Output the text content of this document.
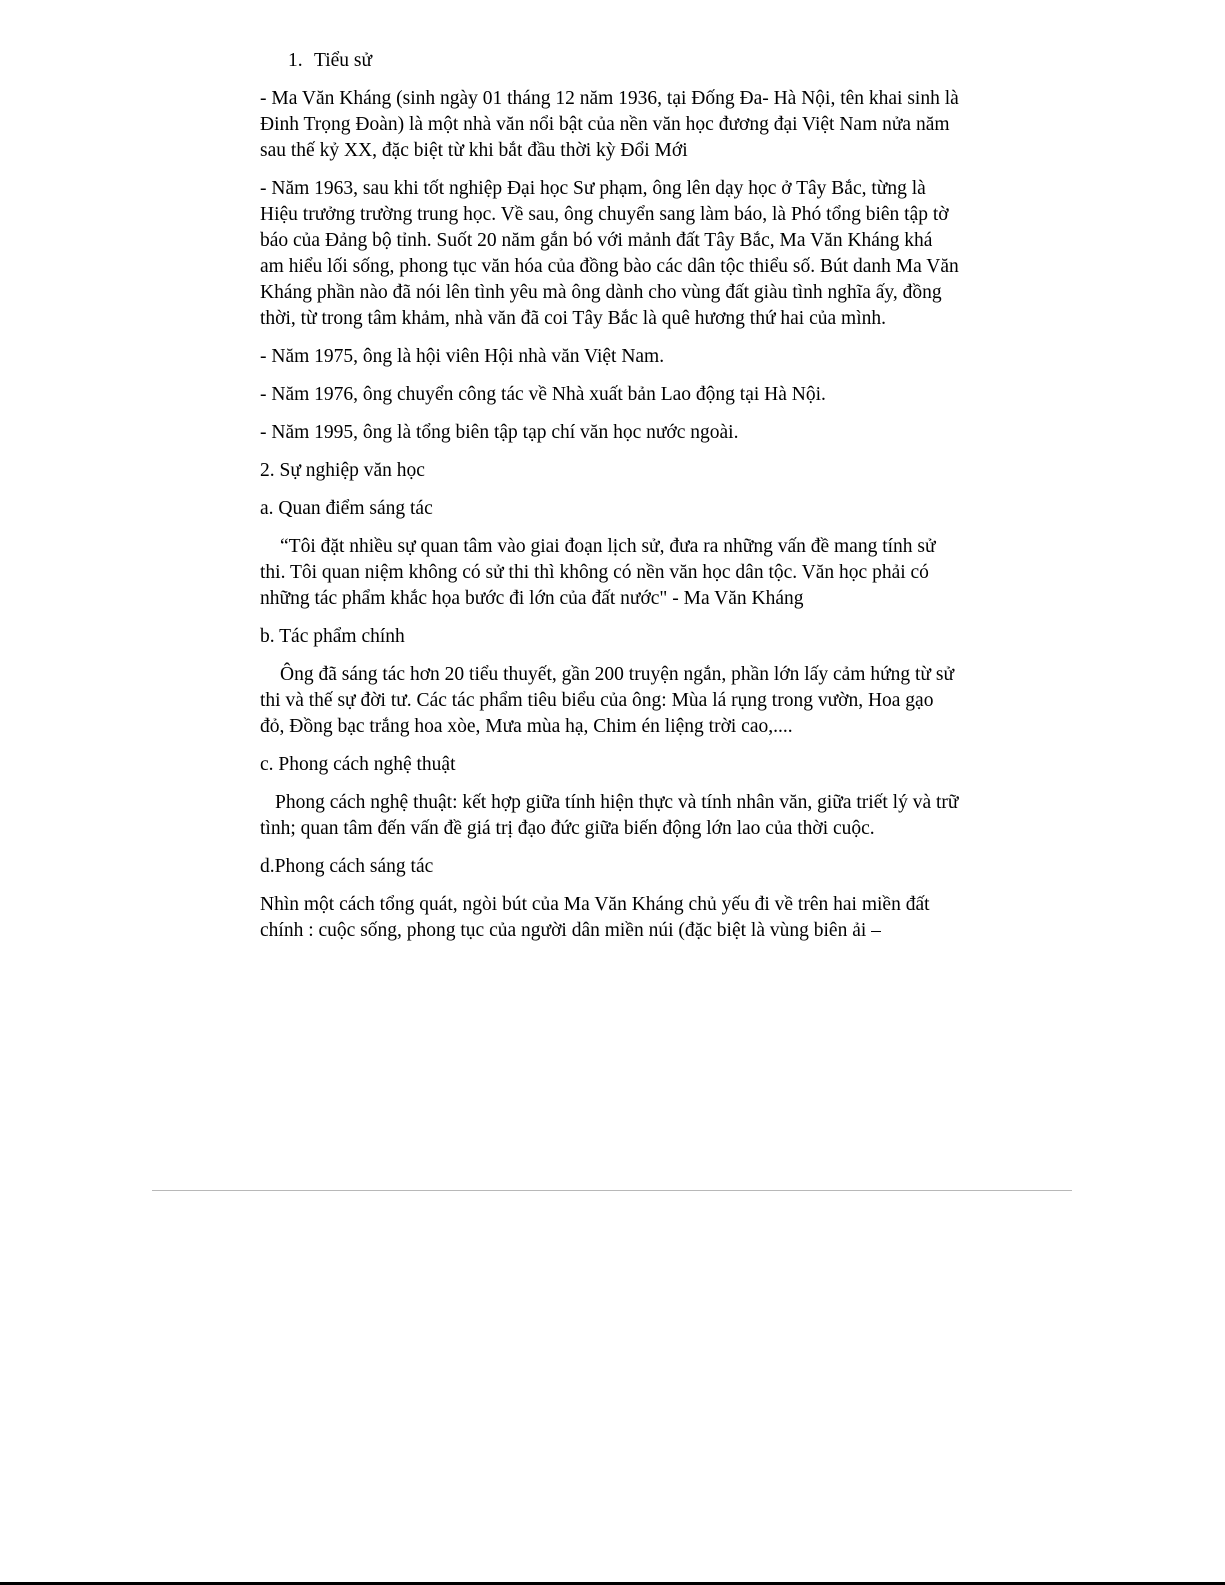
1. Tiểu sử

- Ma Văn Kháng (sinh ngày 01 tháng 12 năm 1936, tại Đống Đa- Hà Nội, tên khai sinh là Đinh Trọng Đoàn) là một nhà văn nổi bật của nền văn học đương đại Việt Nam nửa năm sau thế kỷ XX, đặc biệt từ khi bắt đầu thời kỳ Đổi Mới

- Năm 1963, sau khi tốt nghiệp Đại học Sư phạm, ông lên dạy học ở Tây Bắc, từng là Hiệu trưởng trường trung học. Về sau, ông chuyển sang làm báo, là Phó tổng biên tập tờ báo của Đảng bộ tỉnh. Suốt 20 năm gắn bó với mảnh đất Tây Bắc, Ma Văn Kháng khá am hiểu lối sống, phong tục văn hóa của đồng bào các dân tộc thiểu số. Bút danh Ma Văn Kháng phần nào đã nói lên tình yêu mà ông dành cho vùng đất giàu tình nghĩa ấy, đồng thời, từ trong tâm khảm, nhà văn đã coi Tây Bắc là quê hương thứ hai của mình.

- Năm 1975, ông là hội viên Hội nhà văn Việt Nam.

- Năm 1976, ông chuyển công tác về Nhà xuất bản Lao động tại Hà Nội.

- Năm 1995, ông là tổng biên tập tạp chí văn học nước ngoài.

2. Sự nghiệp văn học

a. Quan điểm sáng tác

“Tôi đặt nhiều sự quan tâm vào giai đoạn lịch sử, đưa ra những vấn đề mang tính sử thi. Tôi quan niệm không có sử thi thì không có nền văn học dân tộc. Văn học phải có những tác phẩm khắc họa bước đi lớn của đất nước" - Ma Văn Kháng

b. Tác phẩm chính

Ông đã sáng tác hơn 20 tiểu thuyết, gần 200 truyện ngắn, phần lớn lấy cảm hứng từ sử thi và thế sự đời tư. Các tác phẩm tiêu biểu của ông: Mùa lá rụng trong vườn, Hoa gạo đỏ, Đồng bạc trắng hoa xòe, Mưa mùa hạ, Chim én liệng trời cao,....

c. Phong cách nghệ thuật

Phong cách nghệ thuật: kết hợp giữa tính hiện thực và tính nhân văn, giữa triết lý và trữ tình; quan tâm đến vấn đề giá trị đạo đức giữa biến động lớn lao của thời cuộc.

d.Phong cách sáng tác

Nhìn một cách tổng quát, ngòi bút của Ma Văn Kháng chủ yếu đi về trên hai miền đất chính : cuộc sống, phong tục của người dân miền núi (đặc biệt là vùng biên ải –
